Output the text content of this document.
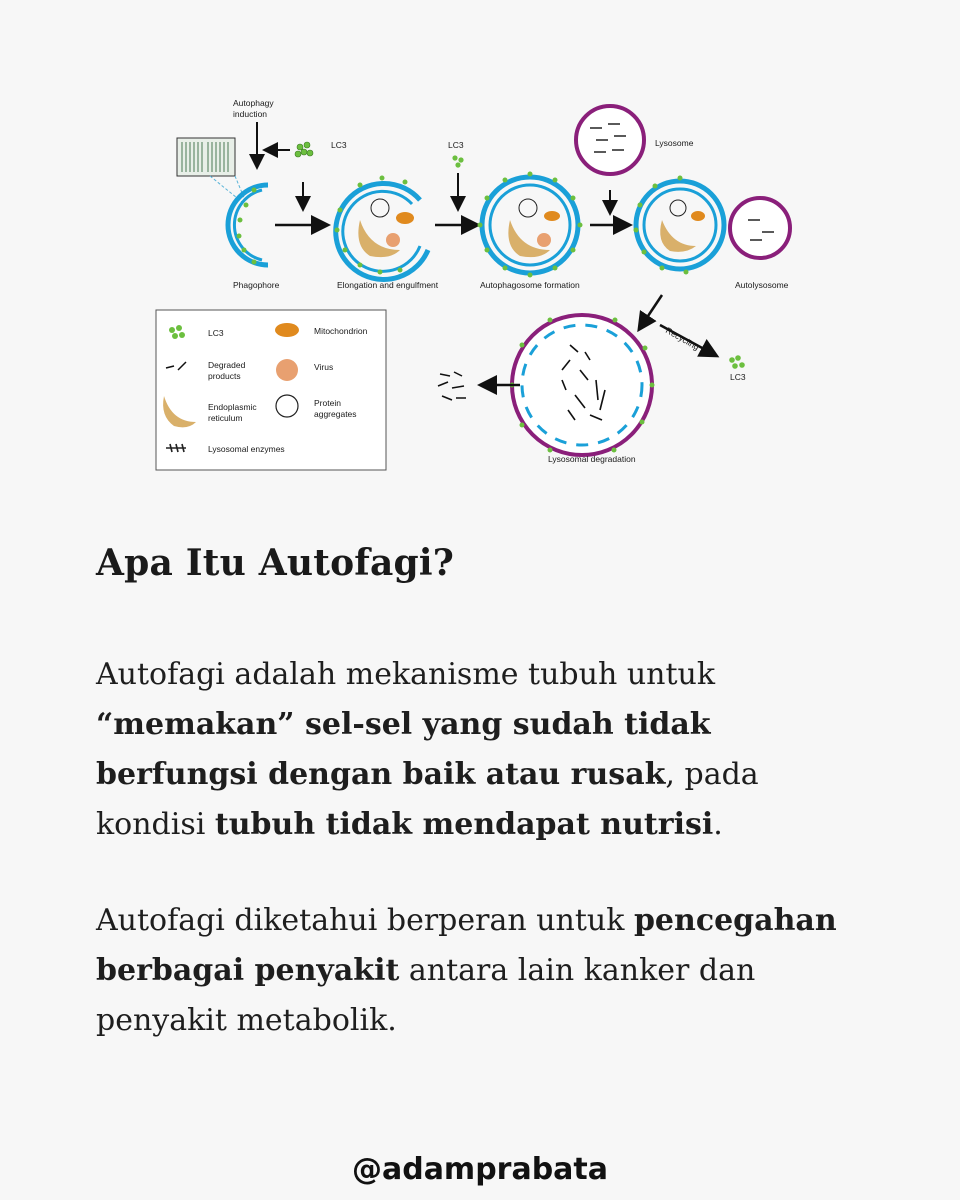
Autophagy
induction
LC3
Phagophore	Elongation and engulfment
LC3
Autophagosome formation
Lysosome
Autolysosome
Recycling
LC3
Lysosomal degradation
LC3	Mitochondrion
Degraded
products
Virus
Endoplasmic
reticulum
Protein
aggregates
Lysosomal enzymes
Apa Itu Autofagi?

Autofagi adalah mekanisme tubuh untuk “memakan” sel-sel yang sudah tidak berfungsi dengan baik atau rusak, pada kondisi tubuh tidak mendapat nutrisi.

Autofagi diketahui berperan untuk pencegahan berbagai penyakit antara lain kanker dan penyakit metabolik.

@adamprabata
